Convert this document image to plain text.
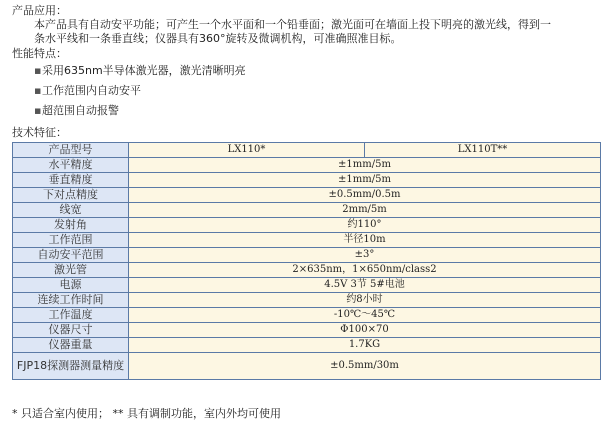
产品应用：
本产品具有自动安平功能；可产生一个水平面和一个铅垂面；激光面可在墙面上投下明亮的激光线，得到一
条水平线和一条垂直线；仪器具有360°旋转及微调机构，可准确照准目标。
性能特点：
▪采用635nm半导体激光器，激光清晰明亮
▪工作范围内自动安平
▪超范围自动报警
技术特征：
产品型号	LX110*	LX110T**
水平精度	±1mm/5m	
垂直精度	±1mm/5m	
下对点精度	±0.5mm/0.5m	
线宽	2mm/5m	
发射角	约110°	
工作范围	半径10m	
自动安平范围	±3°	
激光管	2×635nm，1×650nm/class2	
电源	4.5V 3节 5#电池	
连续工作时间	约8小时	
工作温度	-10℃～45℃	
仪器尺寸	Φ100×70	
仪器重量	1.7KG	
FJP18探测器测量精度	±0.5mm/30m	
* 只适合室内使用； ** 具有调制功能，室内外均可使用
